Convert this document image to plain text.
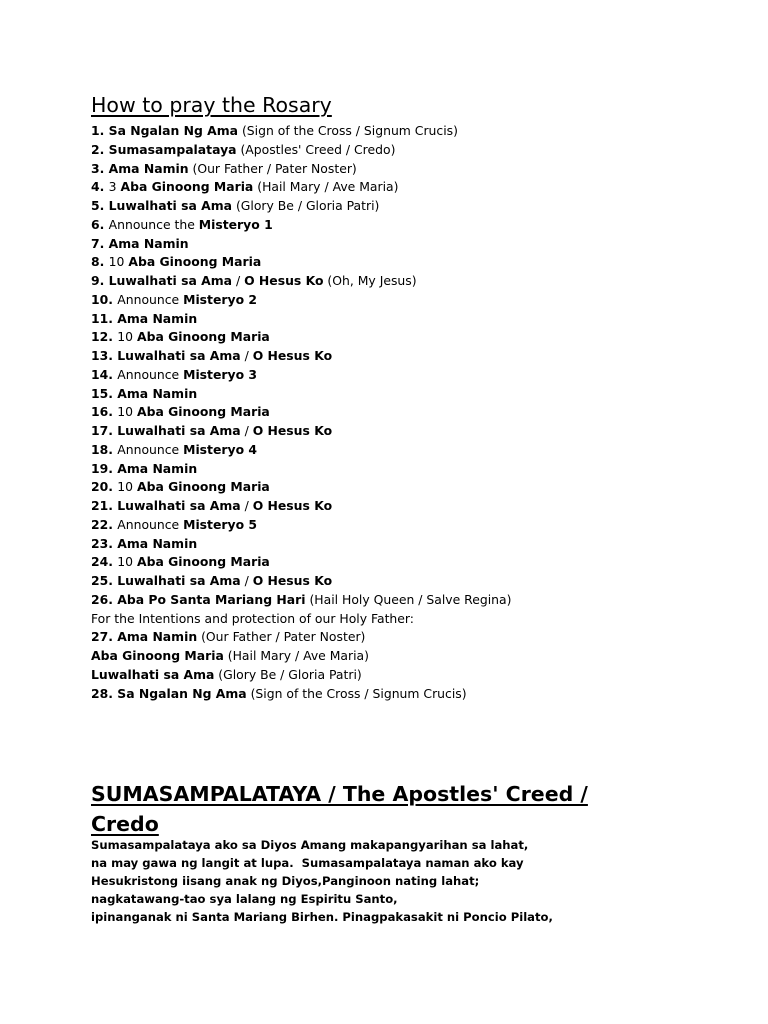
How to pray the Rosary
1. Sa Ngalan Ng Ama (Sign of the Cross / Signum Crucis)
2. Sumasampalataya (Apostles' Creed / Credo)
3. Ama Namin (Our Father / Pater Noster)
4. 3 Aba Ginoong Maria (Hail Mary / Ave Maria)
5. Luwalhati sa Ama (Glory Be / Gloria Patri)
6. Announce the Misteryo 1
7. Ama Namin
8. 10 Aba Ginoong Maria
9. Luwalhati sa Ama / O Hesus Ko (Oh, My Jesus)
10. Announce Misteryo 2
11. Ama Namin
12. 10 Aba Ginoong Maria
13. Luwalhati sa Ama / O Hesus Ko
14. Announce Misteryo 3
15. Ama Namin
16. 10 Aba Ginoong Maria
17. Luwalhati sa Ama / O Hesus Ko
18. Announce Misteryo 4
19. Ama Namin
20. 10 Aba Ginoong Maria
21. Luwalhati sa Ama / O Hesus Ko
22. Announce Misteryo 5
23. Ama Namin
24. 10 Aba Ginoong Maria
25. Luwalhati sa Ama / O Hesus Ko
26. Aba Po Santa Mariang Hari (Hail Holy Queen / Salve Regina)
For the Intentions and protection of our Holy Father:
27. Ama Namin (Our Father / Pater Noster)
Aba Ginoong Maria (Hail Mary / Ave Maria)
Luwalhati sa Ama (Glory Be / Gloria Patri)
28. Sa Ngalan Ng Ama (Sign of the Cross / Signum Crucis)
SUMASAMPALATAYA / The Apostles' Creed / Credo
Sumasampalataya ako sa Diyos Amang makapangyarihan sa lahat,
na may gawa ng langit at lupa.  Sumasampalataya naman ako kay
Hesukristong iisang anak ng Diyos,Panginoon nating lahat;
nagkatawang-tao sya lalang ng Espiritu Santo,
ipinanganak ni Santa Mariang Birhen. Pinagpakasakit ni Poncio Pilato,
